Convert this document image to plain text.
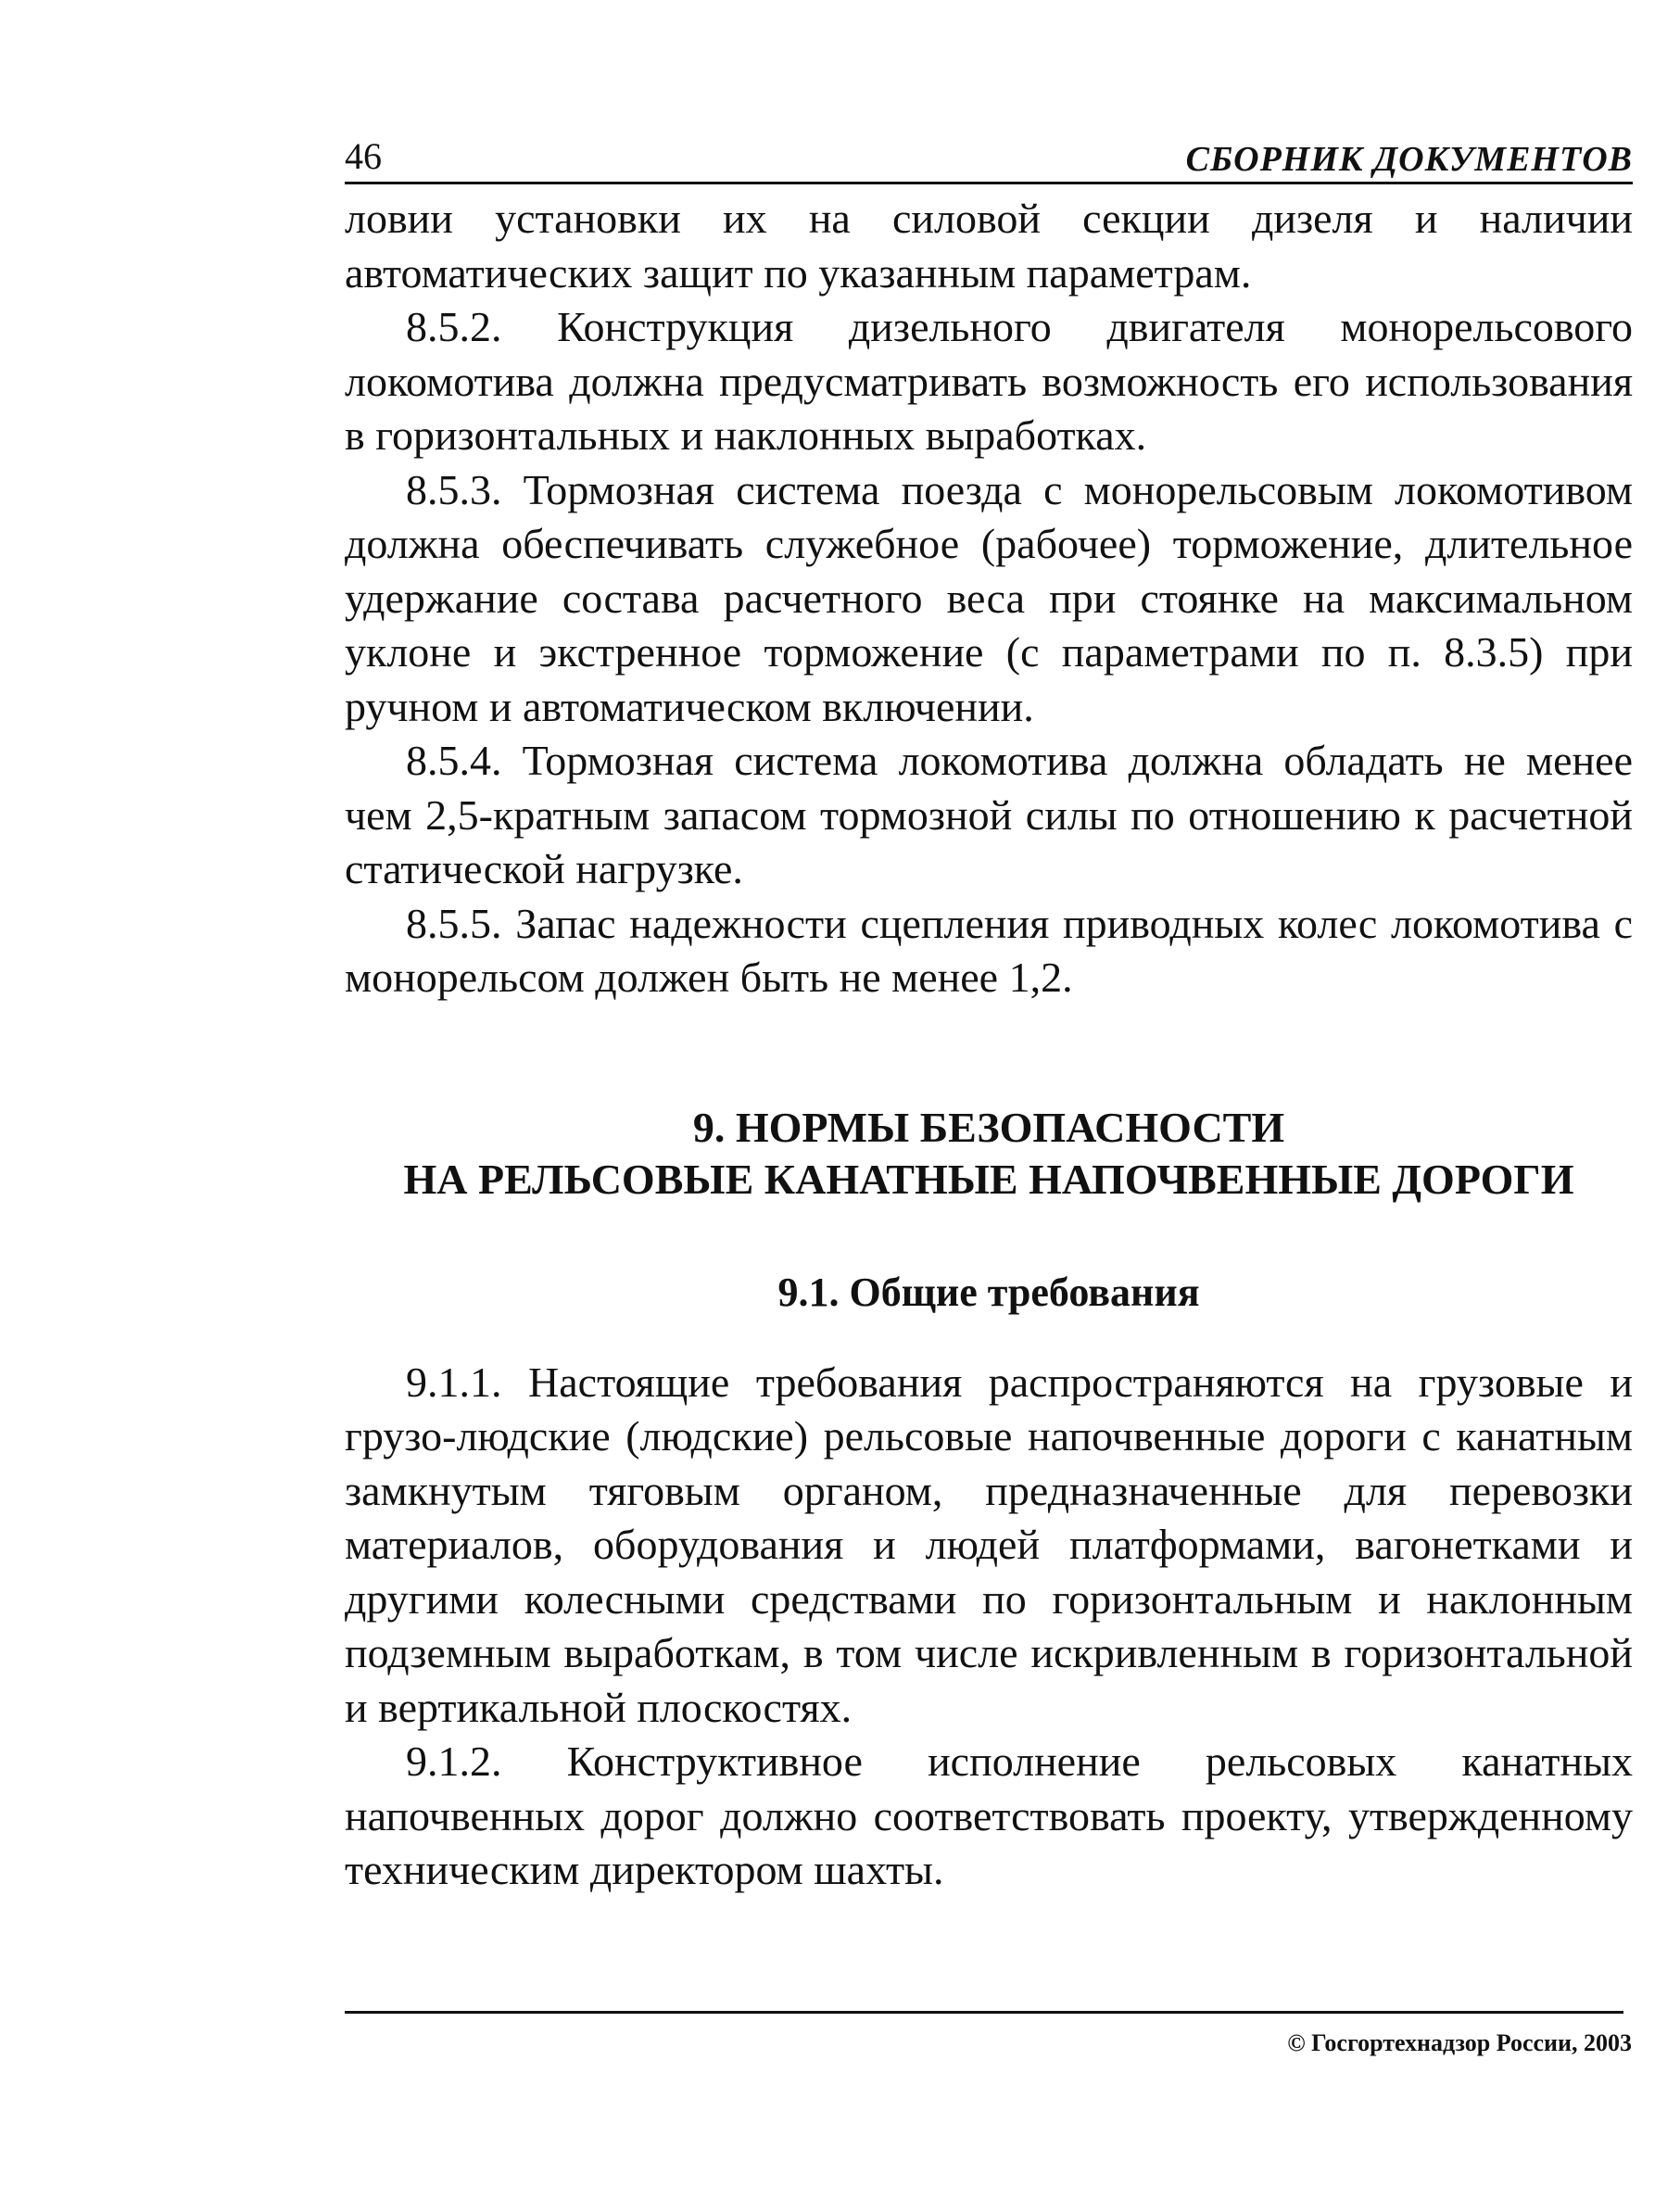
46	СБОРНИК ДОКУМЕНТОВ

ловии установки их на силовой секции дизеля и наличии автоматических защит по указанным параметрам.

8.5.2. Конструкция дизельного двигателя монорельсового локомотива должна предусматривать возможность его использования в горизонтальных и наклонных выработках.

8.5.3. Тормозная система поезда с монорельсовым локомотивом должна обеспечивать служебное (рабочее) торможение, длительное удержание состава расчетного веса при стоянке на максимальном уклоне и экстренное торможение (с параметрами по п. 8.3.5) при ручном и автоматическом включении.

8.5.4. Тормозная система локомотива должна обладать не менее чем 2,5-кратным запасом тормозной силы по отношению к расчетной статической нагрузке.

8.5.5. Запас надежности сцепления приводных колес локомотива с монорельсом должен быть не менее 1,2.

9. НОРМЫ БЕЗОПАСНОСТИ
НА РЕЛЬСОВЫЕ КАНАТНЫЕ НАПОЧВЕННЫЕ ДОРОГИ
9.1. Общие требования

9.1.1. Настоящие требования распространяются на грузовые и грузо-людские (людские) рельсовые напочвенные дороги с канатным замкнутым тяговым органом, предназначенные для перевозки материалов, оборудования и людей платформами, вагонетками и другими колесными средствами по горизонтальным и наклонным подземным выработкам, в том числе искривленным в горизонтальной и вертикальной плоскостях.

9.1.2. Конструктивное исполнение рельсовых канатных напочвенных дорог должно соответствовать проекту, утвержденному техническим директором шахты.

© Госгортехнадзор России, 2003
